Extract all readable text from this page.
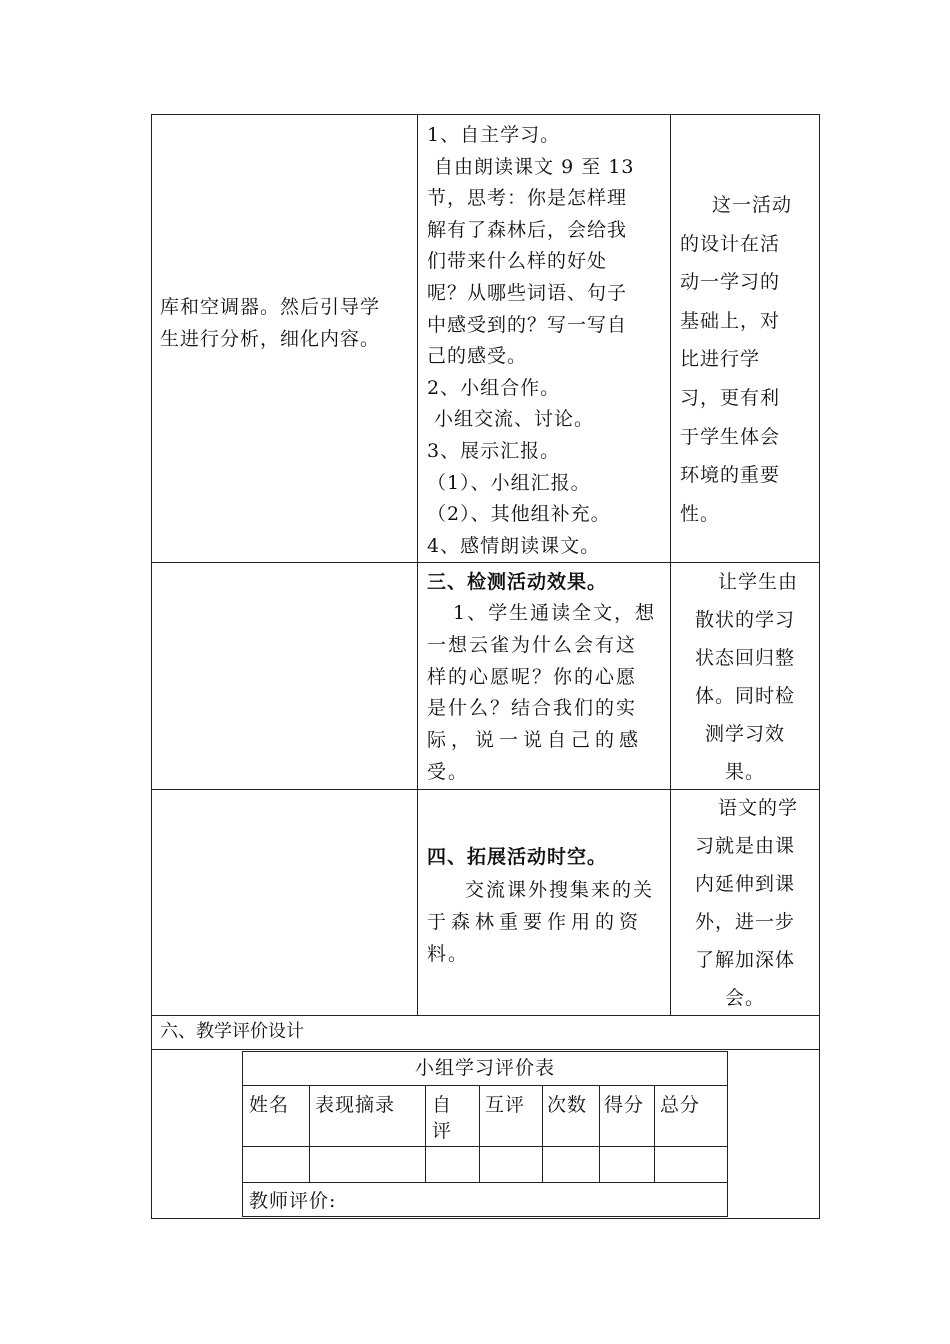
库和空调器。然后引导学
生进行分析，细化内容。
1、自主学习。
自由朗读课文 9 至 13
节，思考：你是怎样理
解有了森林后，会给我
们带来什么样的好处
呢？从哪些词语、句子
中感受到的？写一写自
己的感受。
2、小组合作。
小组交流、讨论。
3、展示汇报。
（1）、小组汇报。
（2）、其他组补充。
4、感情朗读课文。
这一活动
的设计在活
动一学习的
基础上，对
比进行学
习，更有利
于学生体会
环境的重要
性。
三、检测活动效果。
1、学生通读全文，想
一想云雀为什么会有这
样的心愿呢？你的心愿
是什么？结合我们的实
际，说一说自己的感
受。
让学生由
散状的学习
状态回归整
体。同时检
测学习效
果。
四、拓展活动时空。
交流课外搜集来的关
于森林重要作用的资
料。
语文的学
习就是由课
内延伸到课
外，进一步
了解加深体
会。
六、教学评价设计
小组学习评价表
姓名 表现摘录 自
评
互评 次数 得分 总分
教师评价:
